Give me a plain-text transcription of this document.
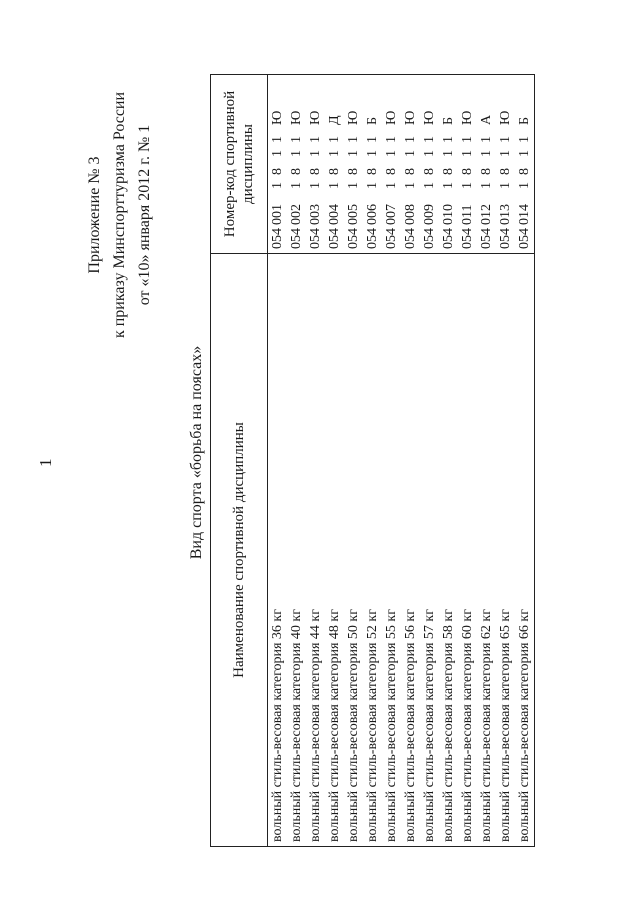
1
Приложение № 3 к приказу Минспорттуризма России от «10» января 2012 г. № 1
Вид спорта «борьба на поясах» Наименование спортивной дисциплины	Номер-код спортивной дисциплины
вольный стиль-весовая категория 36 кг	0540011811Ю
вольный стиль-весовая категория 40 кг	0540021811Ю
вольный стиль-весовая категория 44 кг	0540031811Ю
вольный стиль-весовая категория 48 кг	0540041811Д
вольный стиль-весовая категория 50 кг	0540051811Ю
вольный стиль-весовая категория 52 кг	0540061811Б
вольный стиль-весовая категория 55 кг	0540071811Ю
вольный стиль-весовая категория 56 кг	0540081811Ю
вольный стиль-весовая категория 57 кг	0540091811Ю
вольный стиль-весовая категория 58 кг	0540101811Б
вольный стиль-весовая категория 60 кг	0540111811Ю
вольный стиль-весовая категория 62 кг	0540121811А
вольный стиль-весовая категория 65 кг	0540131811Ю
вольный стиль-весовая категория 66 кг	0540141811Б
